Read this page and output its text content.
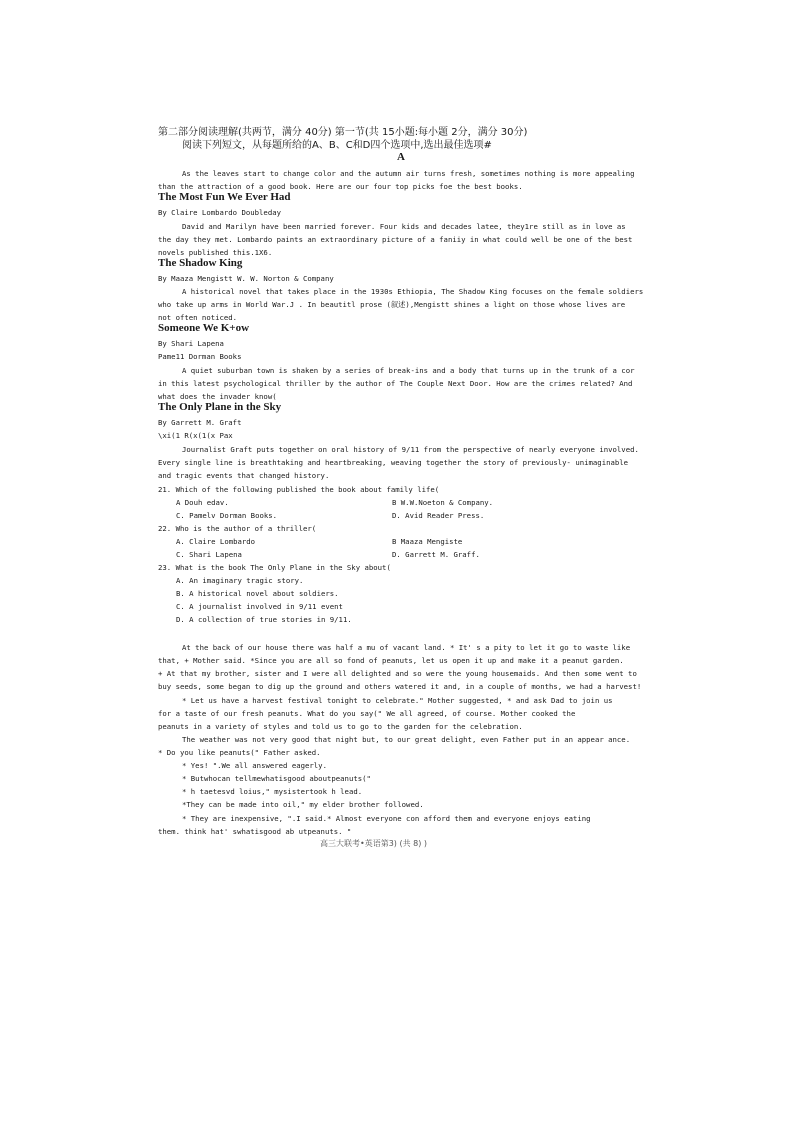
第二部分阅读理解(共两节，满分 40分) 第一节(共 15小题:每小题 2分，满分 30分)
阅读下列短文，从每题所给的A、B、C和D四个选项中,选出最佳选项#
A
As the leaves start to change color and the autumn air turns fresh, sometimes nothing is more appealing
than the attraction of a good book. Here are our four top picks foe the best books.
The Most Fun We Ever Had
By Claire Lombardo Doubleday
David and Marilyn have been married forever. Four kids and decades latee, they1re still as in love as
the day they met. Lombardo paints an extraordinary picture of a faniiy in what could well be one of the best
novels published this.1X6.
The Shadow King
By Maaza Mengistt W. W. Norton & Company
A historical novel that takes place in the 1930s Ethiopia, The Shadow King focuses on the female soldiers
who take up arms in World War.J . In beautitl prose (叙述),Mengistt shines a light on those whose lives are
not often noticed.
Someone We K+ow
By Shari Lapena
Pame11 Dorman Books
A quiet suburban town is shaken by a series of break-ins and a body that turns up in the trunk of a cor
in this latest psychological thriller by the author of The Couple Next Door. How are the crimes related? And
what does the invader know(
The Only Plane in the Sky
By Garrett M. Graft
\xi(1 R(x(1(x Pax
Journalist Graft puts together on oral history of 9/11 from the perspective of nearly everyone involved.
Every single line is breathtaking and heartbreaking, weaving together the story of previously- unimaginable
and tragic events that changed history.
21. Which of the following published the book about family life(
A Douh edav.	B W.W.Noeton & Company.
C. Pamelv Dorman Books.	D. Avid Reader Press.
22. Who is the author of a thriller(
A. Claire Lombardo	B Maaza Mengiste
C. Shari Lapena	D. Garrett M. Graff.
23. What is the book The Only Plane in the Sky about(
A. An imaginary tragic story.
B. A historical novel about soldiers.
C. A journalist involved in 9/11 event
D. A collection of true stories in 9/11.
At the back of our house there was half a mu of vacant land. * It' s a pity to let it go to waste like
that, + Mother said. *Since you are all so fond of peanuts, let us open it up and make it a peanut garden.
+ At that my brother, sister and I were all delighted and so were the young housemaids. And then some went to
buy seeds, some began to dig up the ground and others watered it and, in a couple of months, we had a harvest!
* Let us have a harvest festival tonight to celebrate." Mother suggested, * and ask Dad to join us
for a taste of our fresh peanuts. What do you say(" We all agreed, of course. Mother cooked the
peanuts in a variety of styles and told us to go to the garden for the celebration.
The weather was not very good that night but, to our great delight, even Father put in an appear ance.
* Do you like peanuts(" Father asked.
* Yes! ".We all answered eagerly.
* Butwhocan tellmewhatisgood aboutpeanuts("
* h taetesvd loius," mysistertook h lead.
*They can be made into oil," my elder brother followed.
* They are inexpensive, ".I said.* Almost everyone con afford them and everyone enjoys eating
them. think hat' swhatisgood ab utpeanuts. "
高三大联考•英语第3) (共 8) )
